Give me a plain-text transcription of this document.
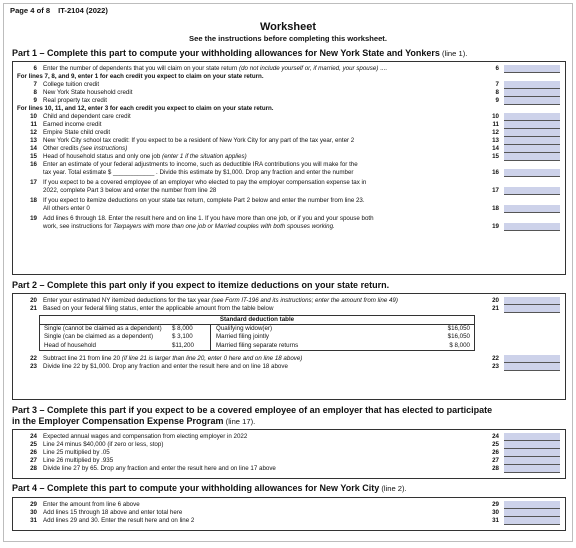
Page 4 of 8 IT-2104 (2022)
Worksheet
See the instructions before completing this worksheet.
Part 1 – Complete this part to compute your withholding allowances for New York State and Yonkers (line 1).
6 Enter the number of dependents that you will claim on your state return (do not include yourself or, if married, your spouse) ....	6
For lines 7, 8, and 9, enter 1 for each credit you expect to claim on your state return.
7 College tuition credit	7
8 New York State household credit	8
9 Real property tax credit	9
For lines 10, 11, and 12, enter 3 for each credit you expect to claim on your state return.
10 Child and dependent care credit	10
11 Earned income credit	11
12 Empire State child credit	12
13 New York City school tax credit: If you expect to be a resident of New York City for any part of the tax year, enter 2	13
14 Other credits (see instructions)	14
15 Head of household status and only one job (enter 1 if the situation applies)	15
16 Enter an estimate of your federal adjustments to income, such as deductible IRA contributions you will make for the
tax year. Total estimate $ ____________ . Divide this estimate by $1,000. Drop any fraction and enter the number	16
17 If you expect to be a covered employee of an employer who elected to pay the employer compensation expense tax in
2022, complete Part 3 below and enter the number from line 28	17
18 If you expect to itemize deductions on your state tax return, complete Part 2 below and enter the number from line 23.
All others enter 0	18
19 Add lines 6 through 18. Enter the result here and on line 1. If you have more than one job, or if you and your spouse both
work, see instructions for Taxpayers with more than one job or Married couples with both spouses working.	19
Part 2 – Complete this part only if you expect to itemize deductions on your state return.
20 Enter your estimated NY itemized deductions for the tax year (see Form IT-196 and its instructions; enter the amount from line 49)	20
21 Based on your federal filing status, enter the applicable amount from the table below	21
Standard deduction table
Single (cannot be claimed as a dependent) $ 8,000	Qualifying widow(er)	$16,050
Single (can be claimed as a dependent)	$ 3,100	Married filing jointly	$16,050
Head of household	$11,200	Married filing separate returns	$ 8,000
22 Subtract line 21 from line 20 (if line 21 is larger than line 20, enter 0 here and on line 18 above)	22
23 Divide line 22 by $1,000. Drop any fraction and enter the result here and on line 18 above	23
Part 3 – Complete this part if you expect to be a covered employee of an employer that has elected to participate
in the Employer Compensation Expense Program (line 17).
24 Expected annual wages and compensation from electing employer in 2022	24
25 Line 24 minus $40,000 (if zero or less, stop)	25
26 Line 25 multiplied by .05	26
27 Line 26 multiplied by .935	27
28 Divide line 27 by 65. Drop any fraction and enter the result here and on line 17 above	28
Part 4 – Complete this part to compute your withholding allowances for New York City (line 2).
29 Enter the amount from line 6 above	29
30 Add lines 15 through 18 above and enter total here	30
31 Add lines 29 and 30. Enter the result here and on line 2	31
